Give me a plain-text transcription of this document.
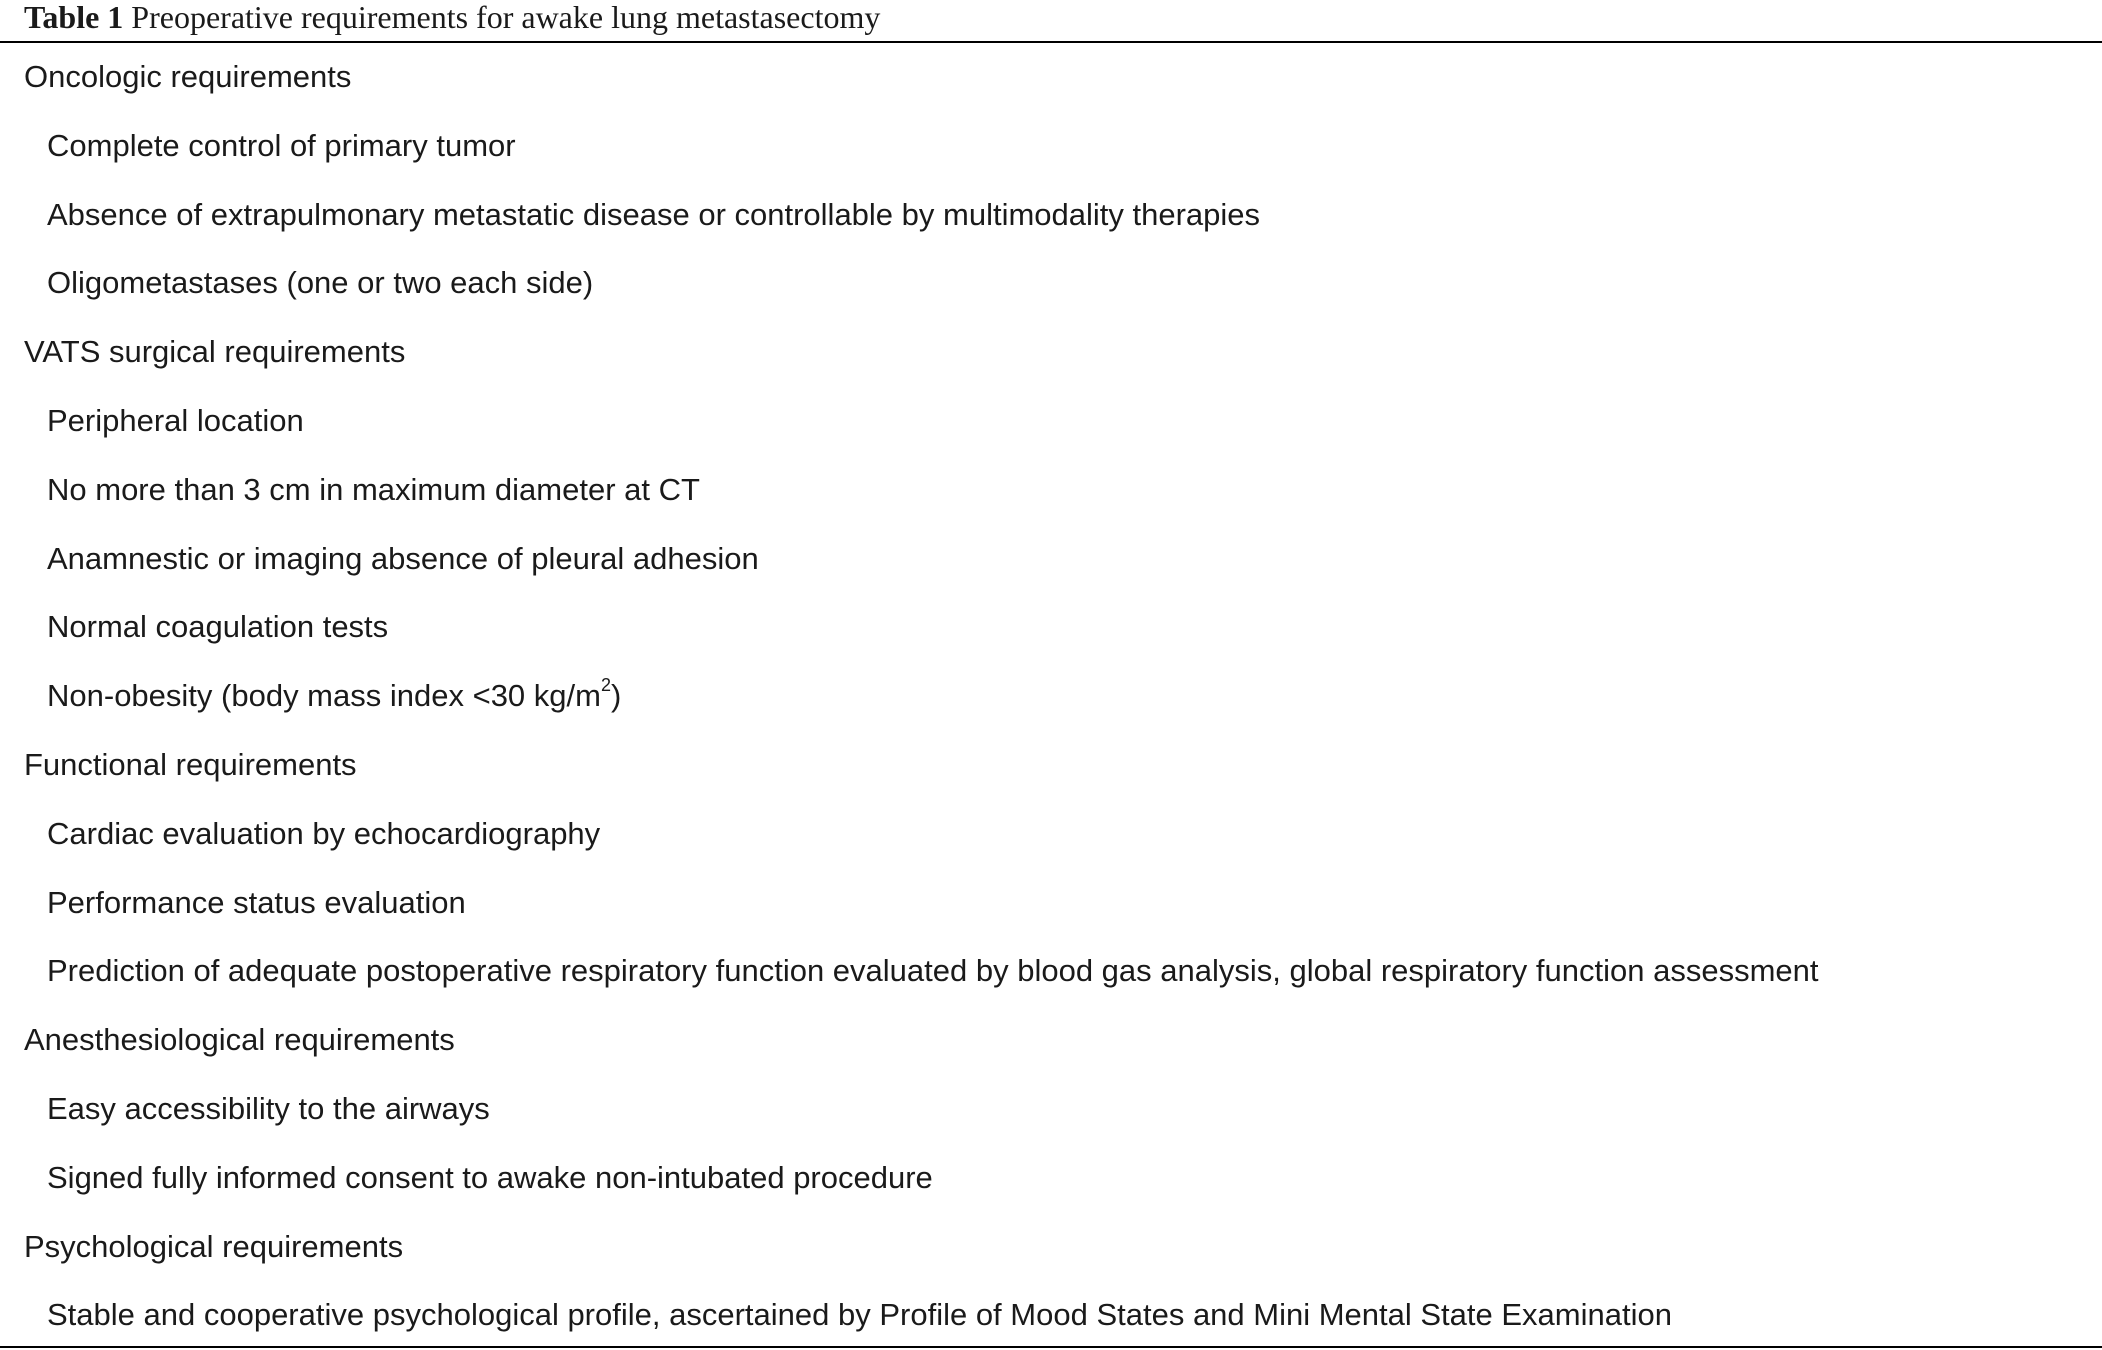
Table 1 Preoperative requirements for awake lung metastasectomy
Oncologic requirements
Complete control of primary tumor
Absence of extrapulmonary metastatic disease or controllable by multimodality therapies
Oligometastases (one or two each side)
VATS surgical requirements
Peripheral location
No more than 3 cm in maximum diameter at CT
Anamnestic or imaging absence of pleural adhesion
Normal coagulation tests
Non-obesity (body mass index <30 $kg/m^2$)
Functional requirements
Cardiac evaluation by echocardiography
Performance status evaluation
Prediction of adequate postoperative respiratory function evaluated by blood gas analysis, global respiratory function assessment
Anesthesiological requirements
Easy accessibility to the airways
Signed fully informed consent to awake non-intubated procedure
Psychological requirements
Stable and cooperative psychological profile, ascertained by Profile of Mood States and Mini Mental State Examination
